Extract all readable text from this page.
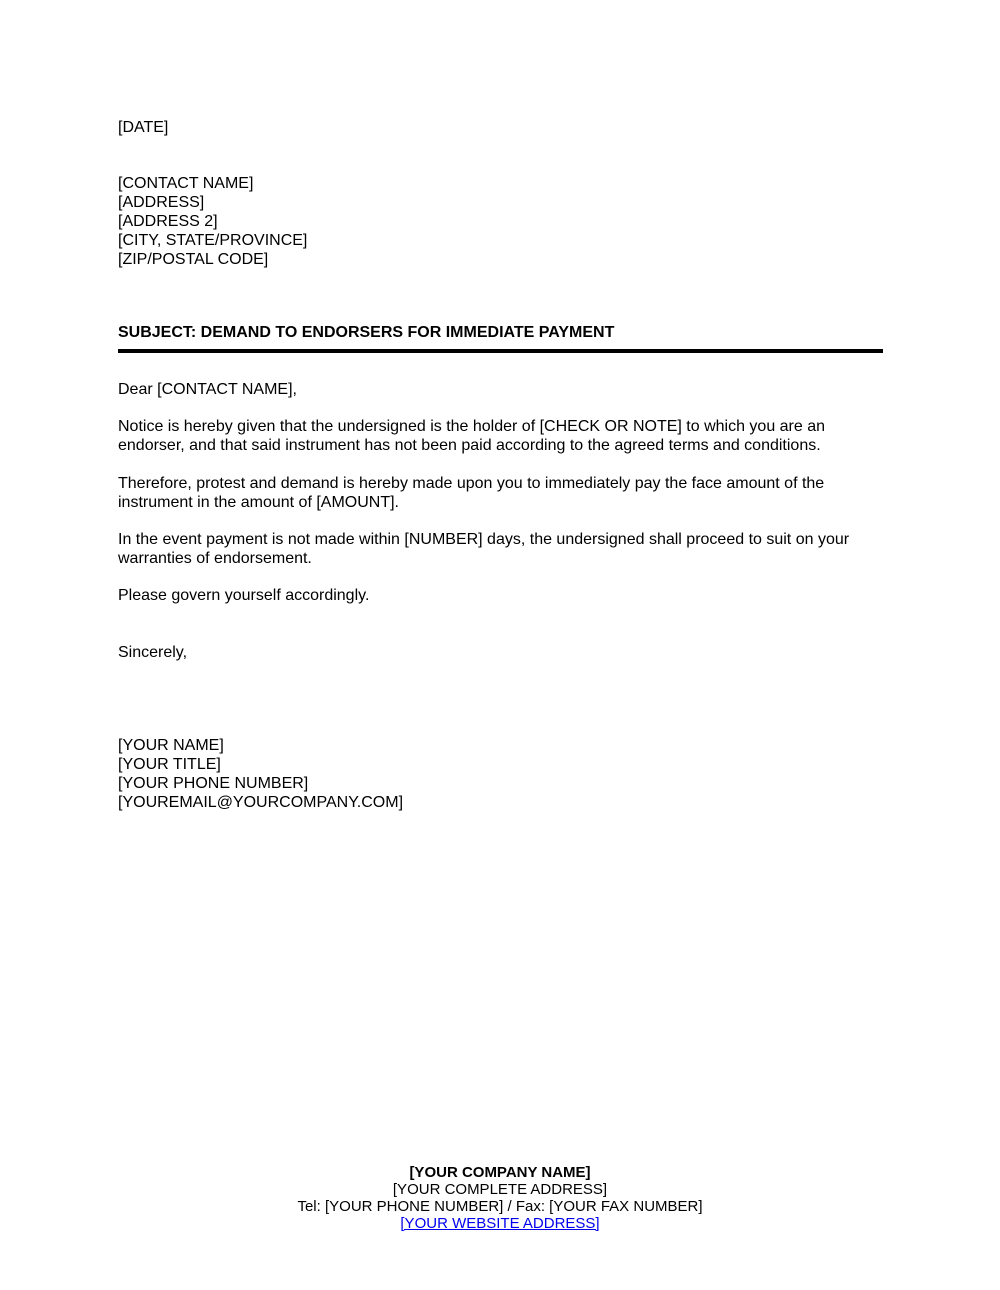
[DATE]
[CONTACT NAME]
[ADDRESS]
[ADDRESS 2]
[CITY, STATE/PROVINCE]
[ZIP/POSTAL CODE]
SUBJECT: DEMAND TO ENDORSERS FOR IMMEDIATE PAYMENT
Dear [CONTACT NAME],
Notice is hereby given that the undersigned is the holder of [CHECK OR NOTE] to which you are an
endorser, and that said instrument has not been paid according to the agreed terms and conditions.
Therefore, protest and demand is hereby made upon you to immediately pay the face amount of the
instrument in the amount of [AMOUNT].
In the event payment is not made within [NUMBER] days, the undersigned shall proceed to suit on your
warranties of endorsement.
Please govern yourself accordingly.
Sincerely,
[YOUR NAME]
[YOUR TITLE]
[YOUR PHONE NUMBER]
[YOUREMAIL@YOURCOMPANY.COM]
[YOUR COMPANY NAME]
[YOUR COMPLETE ADDRESS]
Tel: [YOUR PHONE NUMBER] / Fax: [YOUR FAX NUMBER]
[YOUR WEBSITE ADDRESS]
